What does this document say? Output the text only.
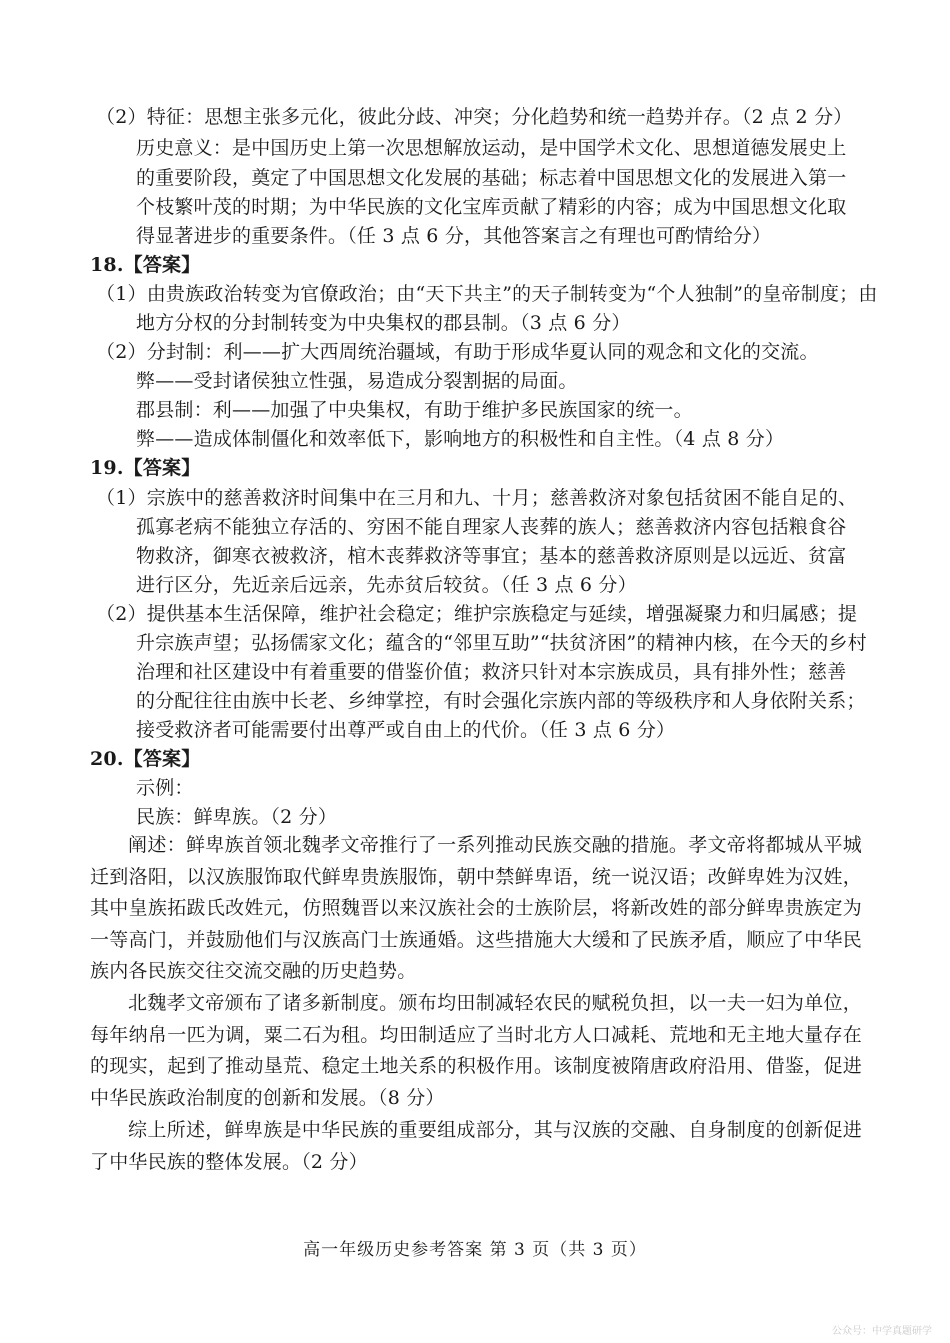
（2）特征：思想主张多元化，彼此分歧、冲突；分化趋势和统一趋势并存。（2 点 2 分）
历史意义：是中国历史上第一次思想解放运动，是中国学术文化、思想道德发展史上
的重要阶段，奠定了中国思想文化发展的基础；标志着中国思想文化的发展进入第一
个枝繁叶茂的时期；为中华民族的文化宝库贡献了精彩的内容；成为中国思想文化取
得显著进步的重要条件。（任 3 点 6 分，其他答案言之有理也可酌情给分）
18.【答案】
（1）由贵族政治转变为官僚政治；由“天下共主”的天子制转变为“个人独制”的皇帝制度；由
地方分权的分封制转变为中央集权的郡县制。（3 点 6 分）
（2）分封制：利——扩大西周统治疆域，有助于形成华夏认同的观念和文化的交流。
弊——受封诸侯独立性强，易造成分裂割据的局面。
郡县制：利——加强了中央集权，有助于维护多民族国家的统一。
弊——造成体制僵化和效率低下，影响地方的积极性和自主性。（4 点 8 分）
19.【答案】
（1）宗族中的慈善救济时间集中在三月和九、十月；慈善救济对象包括贫困不能自足的、
孤寡老病不能独立存活的、穷困不能自理家人丧葬的族人；慈善救济内容包括粮食谷
物救济，御寒衣被救济，棺木丧葬救济等事宜；基本的慈善救济原则是以远近、贫富
进行区分，先近亲后远亲，先赤贫后较贫。（任 3 点 6 分）
（2）提供基本生活保障，维护社会稳定；维护宗族稳定与延续，增强凝聚力和归属感；提
升宗族声望；弘扬儒家文化；蕴含的“邻里互助”“扶贫济困”的精神内核，在今天的乡村
治理和社区建设中有着重要的借鉴价值；救济只针对本宗族成员，具有排外性；慈善
的分配往往由族中长老、乡绅掌控，有时会强化宗族内部的等级秩序和人身依附关系；
接受救济者可能需要付出尊严或自由上的代价。（任 3 点 6 分）
20.【答案】
示例：
民族：鲜卑族。（2 分）
阐述：鲜卑族首领北魏孝文帝推行了一系列推动民族交融的措施。孝文帝将都城从平城迁到洛阳，以汉族服饰取代鲜卑贵族服饰，朝中禁鲜卑语，统一说汉语；改鲜卑姓为汉姓，其中皇族拓跋氏改姓元，仿照魏晋以来汉族社会的士族阶层，将新改姓的部分鲜卑贵族定为一等高门，并鼓励他们与汉族高门士族通婚。这些措施大大缓和了民族矛盾，顺应了中华民族内各民族交往交流交融的历史趋势。
北魏孝文帝颁布了诸多新制度。颁布均田制减轻农民的赋税负担，以一夫一妇为单位，每年纳帛一匹为调，粟二石为租。均田制适应了当时北方人口减耗、荒地和无主地大量存在的现实，起到了推动垦荒、稳定土地关系的积极作用。该制度被隋唐政府沿用、借鉴，促进中华民族政治制度的创新和发展。（8 分）
综上所述，鲜卑族是中华民族的重要组成部分，其与汉族的交融、自身制度的创新促进了中华民族的整体发展。（2 分）
高一年级历史参考答案 第 3 页（共 3 页）
公众号：中学真题研学
